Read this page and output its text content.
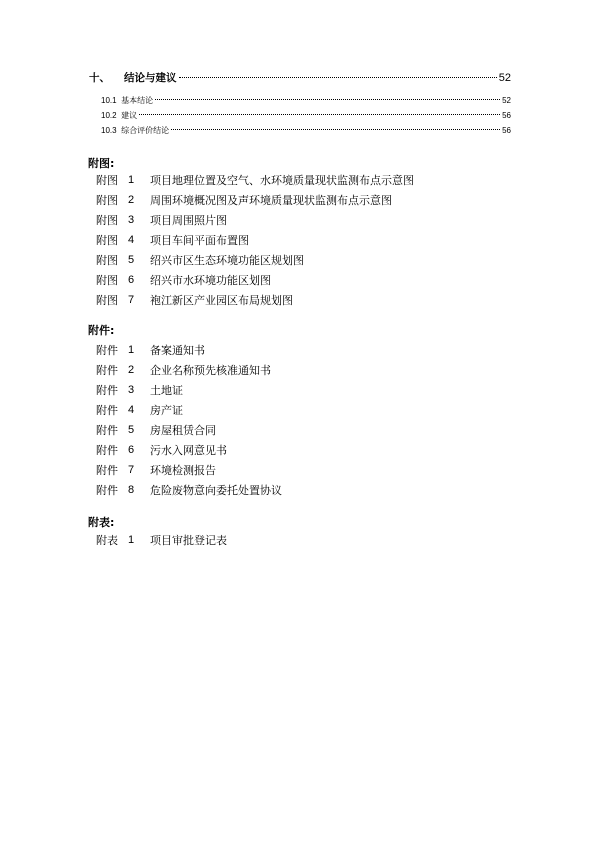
十、 结论与建议	52
10.1 基本结论	52
10.2 建议	56
10.3 综合评价结论	56
附图:
附图 1	项目地理位置及空气、水环境质量现状监测布点示意图
附图 2	周围环境概况图及声环境质量现状监测布点示意图
附图 3	项目周围照片图
附图 4	项目车间平面布置图
附图 5	绍兴市区生态环境功能区规划图
附图 6	绍兴市水环境功能区划图
附图 7	袍江新区产业园区布局规划图
附件:
附件 1	备案通知书
附件 2	企业名称预先核准通知书
附件 3	土地证
附件 4	房产证
附件 5	房屋租赁合同
附件 6	污水入网意见书
附件 7	环境检测报告
附件 8	危险废物意向委托处置协议
附表:
附表 1	项目审批登记表
